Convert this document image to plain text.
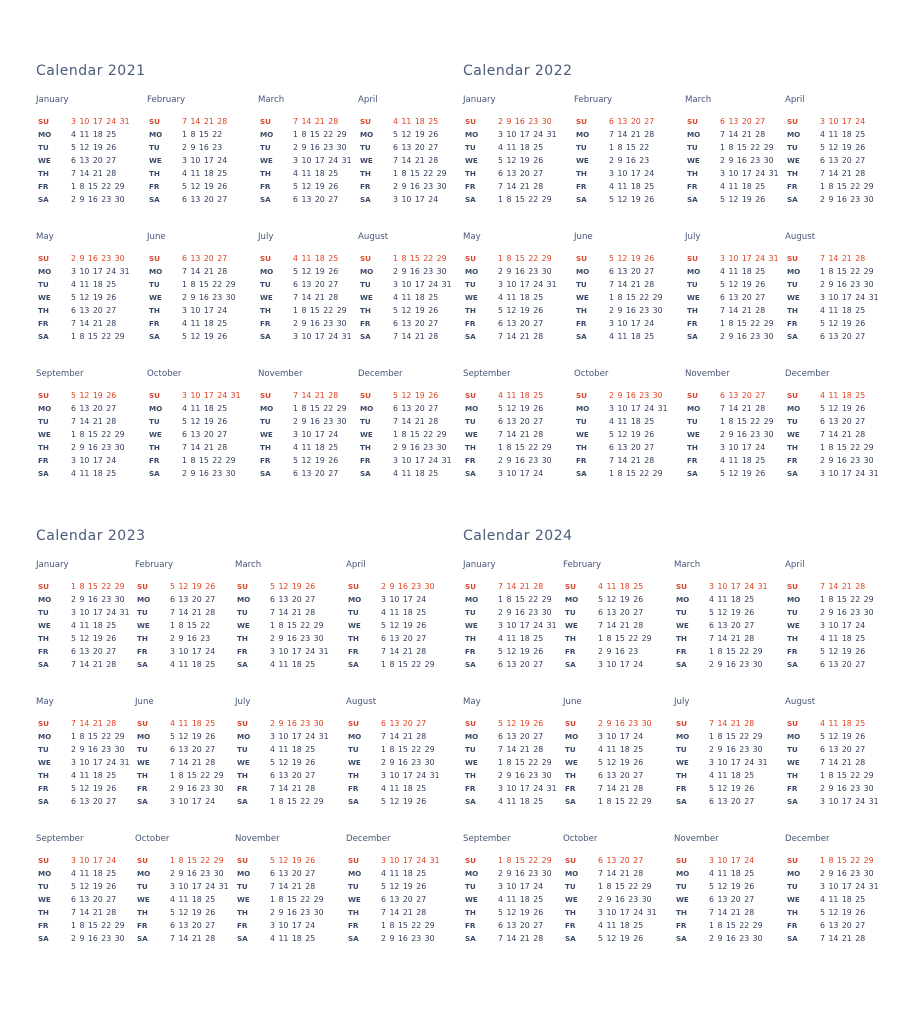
Calendar 2021
January
SU	3 10 17 24 31
MO	4 11 18 25
TU	5 12 19 26
WE	6 13 20 27
TH	7 14 21 28
FR	1 8 15 22 29
SA	2 9 16 23 30
February
SU	7 14 21 28
MO	1 8 15 22
TU	2 9 16 23
WE	3 10 17 24
TH	4 11 18 25
FR	5 12 19 26
SA	6 13 20 27
March
SU	7 14 21 28
MO	1 8 15 22 29
TU	2 9 16 23 30
WE	3 10 17 24 31
TH	4 11 18 25
FR	5 12 19 26
SA	6 13 20 27
April
SU	4 11 18 25
MO	5 12 19 26
TU	6 13 20 27
WE	7 14 21 28
TH	1 8 15 22 29
FR	2 9 16 23 30
SA	3 10 17 24
May
SU	2 9 16 23 30
MO	3 10 17 24 31
TU	4 11 18 25
WE	5 12 19 26
TH	6 13 20 27
FR	7 14 21 28
SA	1 8 15 22 29
June
SU	6 13 20 27
MO	7 14 21 28
TU	1 8 15 22 29
WE	2 9 16 23 30
TH	3 10 17 24
FR	4 11 18 25
SA	5 12 19 26
July
SU	4 11 18 25
MO	5 12 19 26
TU	6 13 20 27
WE	7 14 21 28
TH	1 8 15 22 29
FR	2 9 16 23 30
SA	3 10 17 24 31
August
SU	1 8 15 22 29
MO	2 9 16 23 30
TU	3 10 17 24 31
WE	4 11 18 25
TH	5 12 19 26
FR	6 13 20 27
SA	7 14 21 28
September
SU	5 12 19 26
MO	6 13 20 27
TU	7 14 21 28
WE	1 8 15 22 29
TH	2 9 16 23 30
FR	3 10 17 24
SA	4 11 18 25
October
SU	3 10 17 24 31
MO	4 11 18 25
TU	5 12 19 26
WE	6 13 20 27
TH	7 14 21 28
FR	1 8 15 22 29
SA	2 9 16 23 30
November
SU	7 14 21 28
MO	1 8 15 22 29
TU	2 9 16 23 30
WE	3 10 17 24
TH	4 11 18 25
FR	5 12 19 26
SA	6 13 20 27
December
SU	5 12 19 26
MO	6 13 20 27
TU	7 14 21 28
WE	1 8 15 22 29
TH	2 9 16 23 30
FR	3 10 17 24 31
SA	4 11 18 25
Calendar 2022
January
SU	2 9 16 23 30
MO	3 10 17 24 31
TU	4 11 18 25
WE	5 12 19 26
TH	6 13 20 27
FR	7 14 21 28
SA	1 8 15 22 29
February
SU	6 13 20 27
MO	7 14 21 28
TU	1 8 15 22
WE	2 9 16 23
TH	3 10 17 24
FR	4 11 18 25
SA	5 12 19 26
March
SU	6 13 20 27
MO	7 14 21 28
TU	1 8 15 22 29
WE	2 9 16 23 30
TH	3 10 17 24 31
FR	4 11 18 25
SA	5 12 19 26
April
SU	3 10 17 24
MO	4 11 18 25
TU	5 12 19 26
WE	6 13 20 27
TH	7 14 21 28
FR	1 8 15 22 29
SA	2 9 16 23 30
May
SU	1 8 15 22 29
MO	2 9 16 23 30
TU	3 10 17 24 31
WE	4 11 18 25
TH	5 12 19 26
FR	6 13 20 27
SA	7 14 21 28
June
SU	5 12 19 26
MO	6 13 20 27
TU	7 14 21 28
WE	1 8 15 22 29
TH	2 9 16 23 30
FR	3 10 17 24
SA	4 11 18 25
July
SU	3 10 17 24 31
MO	4 11 18 25
TU	5 12 19 26
WE	6 13 20 27
TH	7 14 21 28
FR	1 8 15 22 29
SA	2 9 16 23 30
August
SU	7 14 21 28
MO	1 8 15 22 29
TU	2 9 16 23 30
WE	3 10 17 24 31
TH	4 11 18 25
FR	5 12 19 26
SA	6 13 20 27
September
SU	4 11 18 25
MO	5 12 19 26
TU	6 13 20 27
WE	7 14 21 28
TH	1 8 15 22 29
FR	2 9 16 23 30
SA	3 10 17 24
October
SU	2 9 16 23 30
MO	3 10 17 24 31
TU	4 11 18 25
WE	5 12 19 26
TH	6 13 20 27
FR	7 14 21 28
SA	1 8 15 22 29
November
SU	6 13 20 27
MO	7 14 21 28
TU	1 8 15 22 29
WE	2 9 16 23 30
TH	3 10 17 24
FR	4 11 18 25
SA	5 12 19 26
December
SU	4 11 18 25
MO	5 12 19 26
TU	6 13 20 27
WE	7 14 21 28
TH	1 8 15 22 29
FR	2 9 16 23 30
SA	3 10 17 24 31
Calendar 2023
January
SU	1 8 15 22 29
MO	2 9 16 23 30
TU	3 10 17 24 31
WE	4 11 18 25
TH	5 12 19 26
FR	6 13 20 27
SA	7 14 21 28
February
SU	5 12 19 26
MO	6 13 20 27
TU	7 14 21 28
WE	1 8 15 22
TH	2 9 16 23
FR	3 10 17 24
SA	4 11 18 25
March
SU	5 12 19 26
MO	6 13 20 27
TU	7 14 21 28
WE	1 8 15 22 29
TH	2 9 16 23 30
FR	3 10 17 24 31
SA	4 11 18 25
April
SU	2 9 16 23 30
MO	3 10 17 24
TU	4 11 18 25
WE	5 12 19 26
TH	6 13 20 27
FR	7 14 21 28
SA	1 8 15 22 29
May
SU	7 14 21 28
MO	1 8 15 22 29
TU	2 9 16 23 30
WE	3 10 17 24 31
TH	4 11 18 25
FR	5 12 19 26
SA	6 13 20 27
June
SU	4 11 18 25
MO	5 12 19 26
TU	6 13 20 27
WE	7 14 21 28
TH	1 8 15 22 29
FR	2 9 16 23 30
SA	3 10 17 24
July
SU	2 9 16 23 30
MO	3 10 17 24 31
TU	4 11 18 25
WE	5 12 19 26
TH	6 13 20 27
FR	7 14 21 28
SA	1 8 15 22 29
August
SU	6 13 20 27
MO	7 14 21 28
TU	1 8 15 22 29
WE	2 9 16 23 30
TH	3 10 17 24 31
FR	4 11 18 25
SA	5 12 19 26
September
SU	3 10 17 24
MO	4 11 18 25
TU	5 12 19 26
WE	6 13 20 27
TH	7 14 21 28
FR	1 8 15 22 29
SA	2 9 16 23 30
October
SU	1 8 15 22 29
MO	2 9 16 23 30
TU	3 10 17 24 31
WE	4 11 18 25
TH	5 12 19 26
FR	6 13 20 27
SA	7 14 21 28
November
SU	5 12 19 26
MO	6 13 20 27
TU	7 14 21 28
WE	1 8 15 22 29
TH	2 9 16 23 30
FR	3 10 17 24
SA	4 11 18 25
December
SU	3 10 17 24 31
MO	4 11 18 25
TU	5 12 19 26
WE	6 13 20 27
TH	7 14 21 28
FR	1 8 15 22 29
SA	2 9 16 23 30
Calendar 2024
January
SU	7 14 21 28
MO	1 8 15 22 29
TU	2 9 16 23 30
WE	3 10 17 24 31
TH	4 11 18 25
FR	5 12 19 26
SA	6 13 20 27
February
SU	4 11 18 25
MO	5 12 19 26
TU	6 13 20 27
WE	7 14 21 28
TH	1 8 15 22 29
FR	2 9 16 23
SA	3 10 17 24
March
SU	3 10 17 24 31
MO	4 11 18 25
TU	5 12 19 26
WE	6 13 20 27
TH	7 14 21 28
FR	1 8 15 22 29
SA	2 9 16 23 30
April
SU	7 14 21 28
MO	1 8 15 22 29
TU	2 9 16 23 30
WE	3 10 17 24
TH	4 11 18 25
FR	5 12 19 26
SA	6 13 20 27
May
SU	5 12 19 26
MO	6 13 20 27
TU	7 14 21 28
WE	1 8 15 22 29
TH	2 9 16 23 30
FR	3 10 17 24 31
SA	4 11 18 25
June
SU	2 9 16 23 30
MO	3 10 17 24
TU	4 11 18 25
WE	5 12 19 26
TH	6 13 20 27
FR	7 14 21 28
SA	1 8 15 22 29
July
SU	7 14 21 28
MO	1 8 15 22 29
TU	2 9 16 23 30
WE	3 10 17 24 31
TH	4 11 18 25
FR	5 12 19 26
SA	6 13 20 27
August
SU	4 11 18 25
MO	5 12 19 26
TU	6 13 20 27
WE	7 14 21 28
TH	1 8 15 22 29
FR	2 9 16 23 30
SA	3 10 17 24 31
September
SU	1 8 15 22 29
MO	2 9 16 23 30
TU	3 10 17 24
WE	4 11 18 25
TH	5 12 19 26
FR	6 13 20 27
SA	7 14 21 28
October
SU	6 13 20 27
MO	7 14 21 28
TU	1 8 15 22 29
WE	2 9 16 23 30
TH	3 10 17 24 31
FR	4 11 18 25
SA	5 12 19 26
November
SU	3 10 17 24
MO	4 11 18 25
TU	5 12 19 26
WE	6 13 20 27
TH	7 14 21 28
FR	1 8 15 22 29
SA	2 9 16 23 30
December
SU	1 8 15 22 29
MO	2 9 16 23 30
TU	3 10 17 24 31
WE	4 11 18 25
TH	5 12 19 26
FR	6 13 20 27
SA	7 14 21 28
